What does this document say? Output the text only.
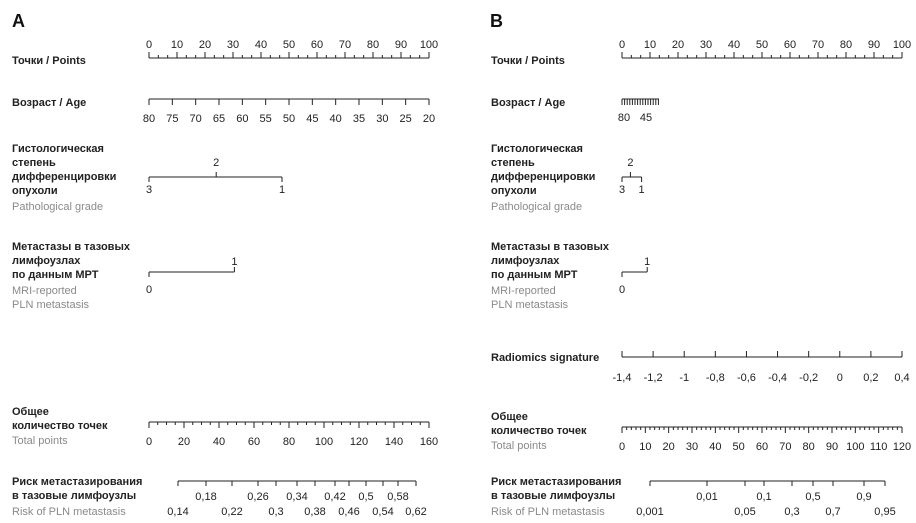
A	B
Точки / Points
0 10 20 30 40 50 60 70 80 90 100
Возраст / Age
80 75 70 65 60 55 50 45 40 35 30 25 20
Гистологическая
степень
дифференцировки
опухоли
Pathological grade
3	1
2
Метастазы в тазовых
лимфоузлах
по данным МРТ
MRI-reported
PLN metastasis
0
1
Общее
количество точек
Total points	0 20 40 60 80 100 120 140 160
Риск метастазирования
в тазовые лимфоузлы
Risk of PLN metastasis	0,14
0,18
0,22
0,26
0,3
0,34
0,38
0,42
0,46
0,5
0,54
0,58
0,62
Точки / Points
0 10 20 30 40 50 60 70 80 90 100
Возраст / Age
80 45
Гистологическая
степень
дифференцировки
опухоли
Pathological grade
3 1
2
Метастазы в тазовых
лимфоузлах
по данным МРТ
MRI-reported
PLN metastasis
0
1
Radiomics signature
-1,4 -1,2 -1 -0,8 -0,6 -0,4 -0,2 0 0,2 0,4
Общее
количество точек
Total points	0 10 20 30 40 50 60 70 80 90 100 110 120
Риск метастазирования
в тазовые лимфоузлы
Risk of PLN metastasis	0,001
0,01
0,05
0,1
0,3
0,5
0,7
0,9
0,95
